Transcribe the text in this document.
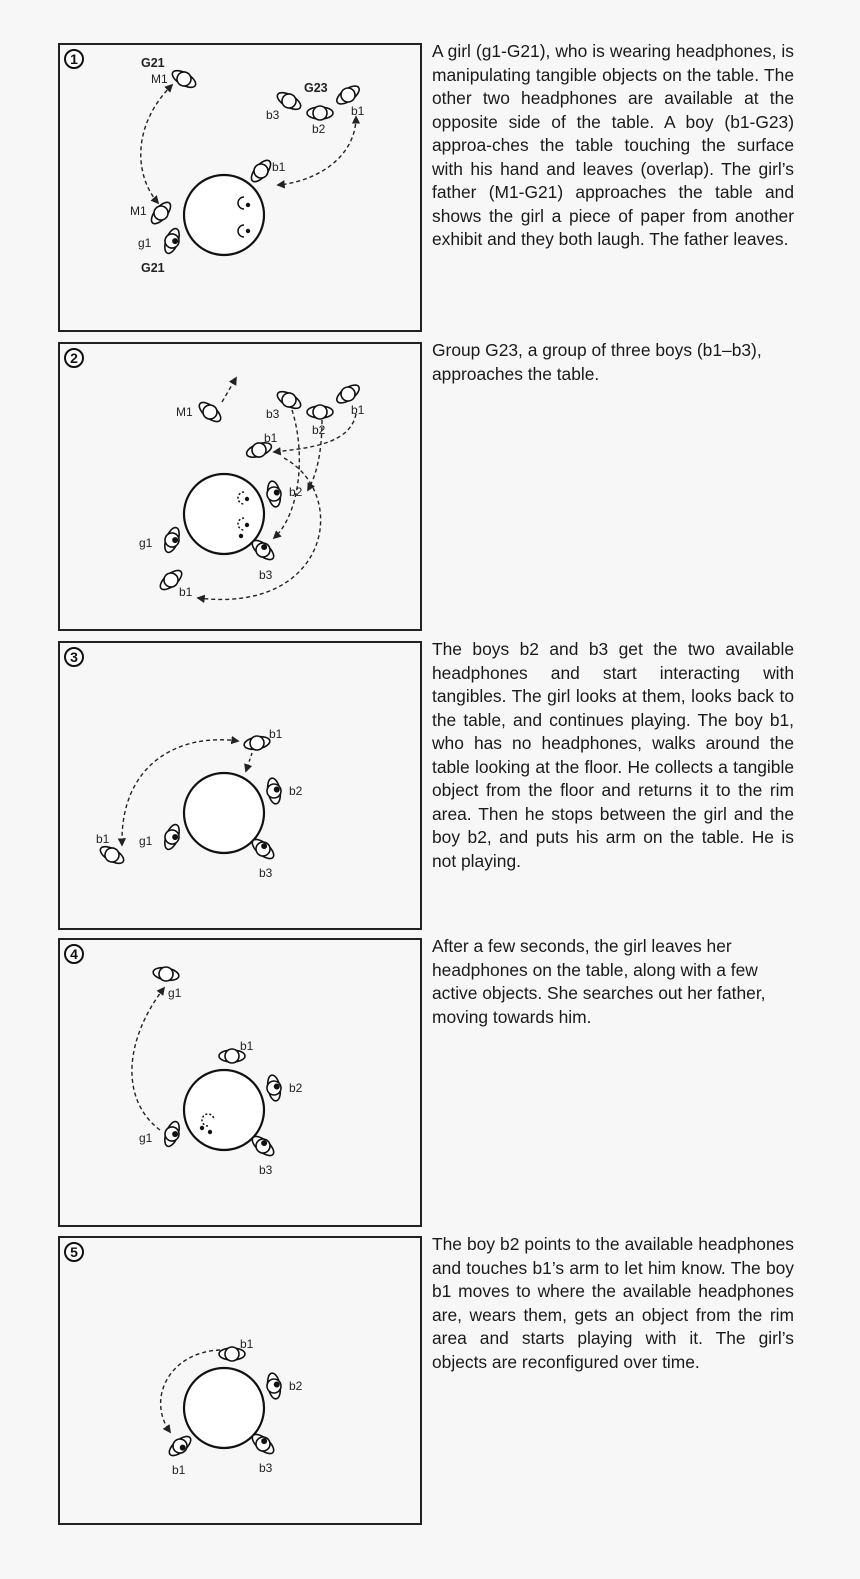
G21
M1
G23
b3
b2
b1
b1
M1
g1
G21
1	A girl (g1-G21), who is wearing headphones, is manipulating tangible objects on the table. The other two headphones are available at the opposite side of the table. A boy (b1-G23) approa-ches the table touching the surface with his hand and leaves (overlap). The girl’s father (M1-G21) approaches the table and shows the girl a piece of paper from another exhibit and they both laugh. The father leaves.

M1	b3
b2
b1
b1
b2
g1
b3
b1
2	Group G23, a group of three boys (b1–b3), approaches the table.

b1
b2
b1 g1
b3
3	The boys b2 and b3 get the two available headphones and start interacting with tangibles. The girl looks at them, looks back to the table, and continues playing. The boy b1, who has no headphones, walks around the table looking at the floor. He collects a tangible object from the floor and returns it to the rim area. Then he stops between the girl and the boy b2, and puts his arm on the table. He is not playing.

g1
b1
b2
g1
b3
4	After a few seconds, the girl leaves her headphones on the table, along with a few active objects. She searches out her father, moving towards him.

b1
b2
b1	b3
5	The boy b2 points to the available headphones and touches b1’s arm to let him know. The boy b1 moves to where the available headphones are, wears them, gets an object from the rim area and starts playing with it. The girl’s objects are reconfigured over time.
